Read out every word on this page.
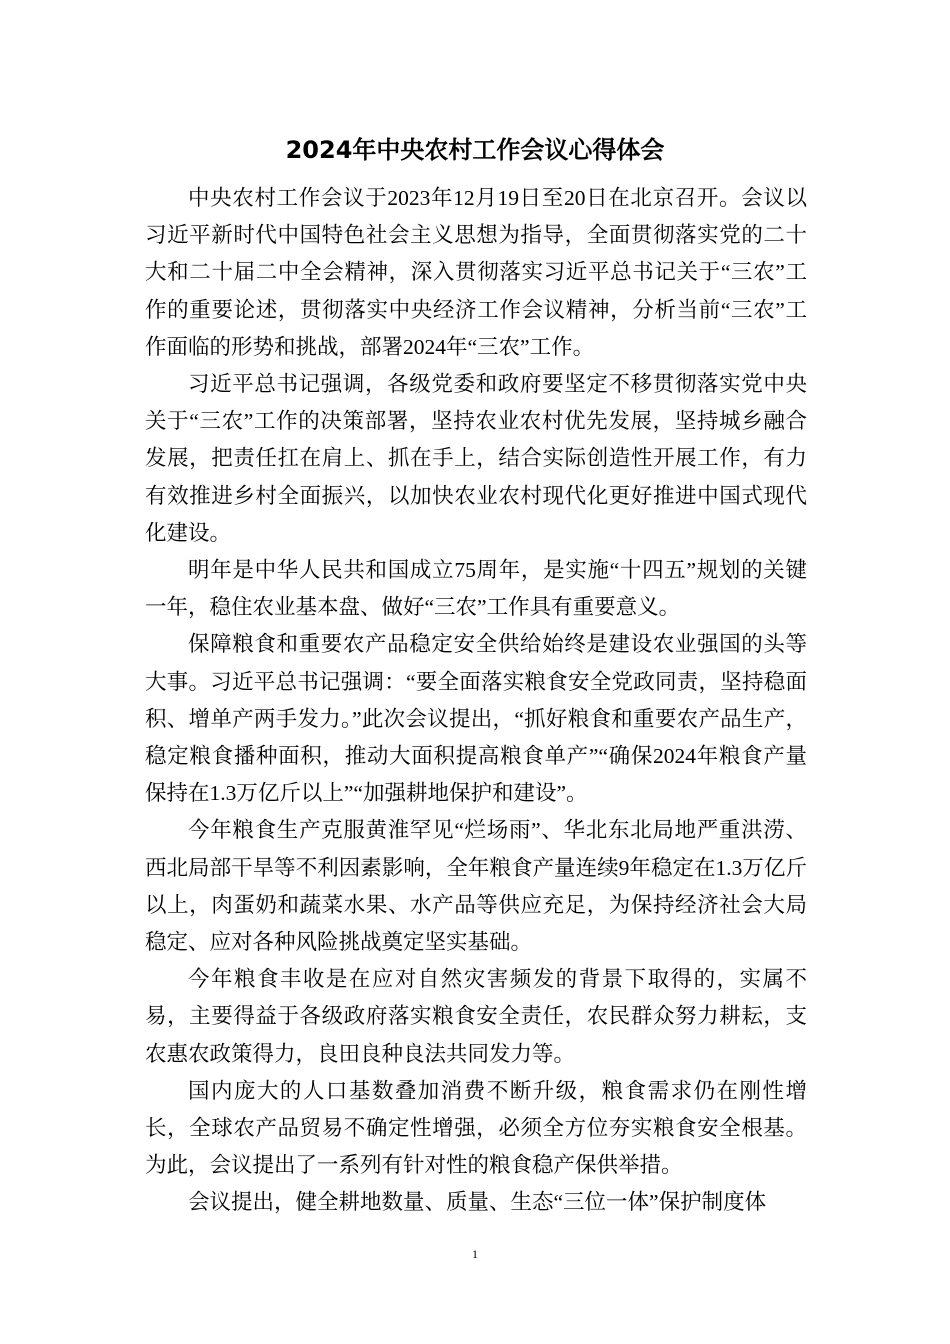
2024年中央农村工作会议心得体会

中央农村工作会议于2023年12月19日至20日在北京召开。会议以习近平新时代中国特色社会主义思想为指导，全面贯彻落实党的二十大和二十届二中全会精神，深入贯彻落实习近平总书记关于“三农”工作的重要论述，贯彻落实中央经济工作会议精神，分析当前“三农”工作面临的形势和挑战，部署2024年“三农”工作。

习近平总书记强调，各级党委和政府要坚定不移贯彻落实党中央关于“三农”工作的决策部署，坚持农业农村优先发展，坚持城乡融合发展，把责任扛在肩上、抓在手上，结合实际创造性开展工作，有力有效推进乡村全面振兴，以加快农业农村现代化更好推进中国式现代化建设。

明年是中华人民共和国成立75周年，是实施“十四五”规划的关键一年，稳住农业基本盘、做好“三农”工作具有重要意义。

保障粮食和重要农产品稳定安全供给始终是建设农业强国的头等大事。习近平总书记强调：“要全面落实粮食安全党政同责，坚持稳面积、增单产两手发力。”此次会议提出，“抓好粮食和重要农产品生产，稳定粮食播种面积，推动大面积提高粮食单产”“确保2024年粮食产量保持在1.3万亿斤以上”“加强耕地保护和建设”。

今年粮食生产克服黄淮罕见“烂场雨”、华北东北局地严重洪涝、西北局部干旱等不利因素影响，全年粮食产量连续9年稳定在1.3万亿斤以上，肉蛋奶和蔬菜水果、水产品等供应充足，为保持经济社会大局稳定、应对各种风险挑战奠定坚实基础。

今年粮食丰收是在应对自然灾害频发的背景下取得的，实属不易，主要得益于各级政府落实粮食安全责任，农民群众努力耕耘，支农惠农政策得力，良田良种良法共同发力等。

国内庞大的人口基数叠加消费不断升级，粮食需求仍在刚性增长，全球农产品贸易不确定性增强，必须全方位夯实粮食安全根基。为此，会议提出了一系列有针对性的粮食稳产保供举措。

会议提出，健全耕地数量、质量、生态“三位一体”保护制度体

1
